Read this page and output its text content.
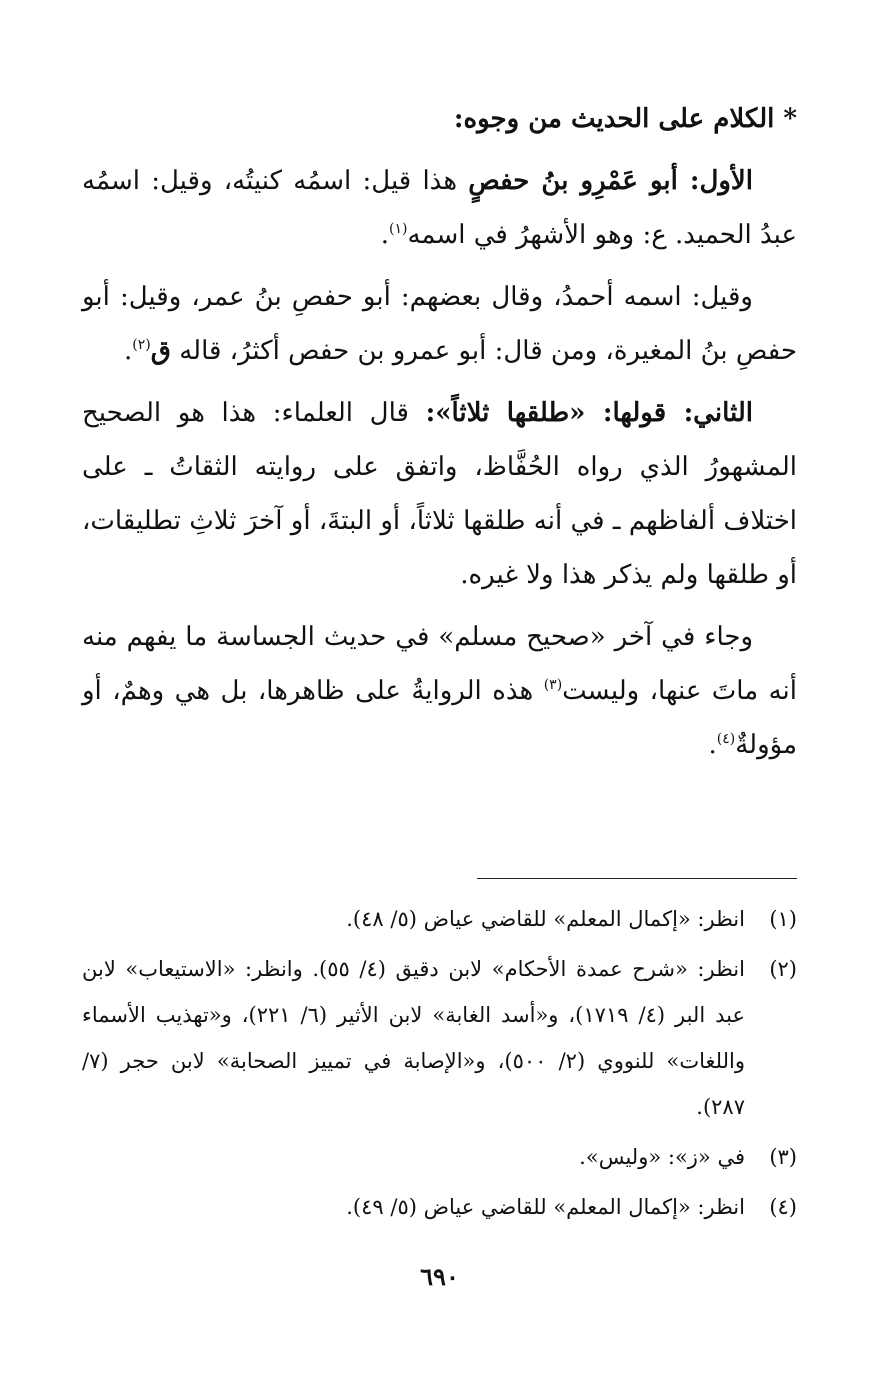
* الكلام على الحديث من وجوه:

الأول: أبو عَمْرِو بنُ حفصٍ هذا قيل: اسمُه كنيتُه، وقيل: اسمُه عبدُ الحميد. ع: وهو الأشهرُ في اسمه$^{(١)}$.

وقيل: اسمه أحمدُ، وقال بعضهم: أبو حفصِ بنُ عمر، وقيل: أبو حفصِ بنُ المغيرة، ومن قال: أبو عمرو بن حفص أكثرُ، قاله ق$^{(٢)}$.

الثاني: قولها: «طلقها ثلاثاً»: قال العلماء: هذا هو الصحيح المشهورُ الذي رواه الحُفَّاظ، واتفق على روايته الثقاتُ ـ على اختلاف ألفاظهم ـ في أنه طلقها ثلاثاً، أو البتةَ، أو آخرَ ثلاثِ تطليقات، أو طلقها ولم يذكر هذا ولا غيره.

وجاء في آخر «صحيح مسلم» في حديث الجساسة ما يفهم منه أنه ماتَ عنها، وليست$^{(٣)}$ هذه الروايةُ على ظاهرها، بل هي وهمٌ، أو مؤولةٌ$^{(٤)}$.

(١)
انظر: «إكمال المعلم» للقاضي عياض (٥/ ٤٨).
(٢)
انظر: «شرح عمدة الأحكام» لابن دقيق (٤/ ٥٥). وانظر: «الاستيعاب» لابن عبد البر (٤/ ١٧١٩)، و«أسد الغابة» لابن الأثير (٦/ ٢٢١)، و«تهذيب الأسماء واللغات» للنووي (٢/ ٥٠٠)، و«الإصابة في تمييز الصحابة» لابن حجر (٧/ ٢٨٧).
(٣)
في «ز»: «وليس».
(٤)
انظر: «إكمال المعلم» للقاضي عياض (٥/ ٤٩).
٦٩٠
